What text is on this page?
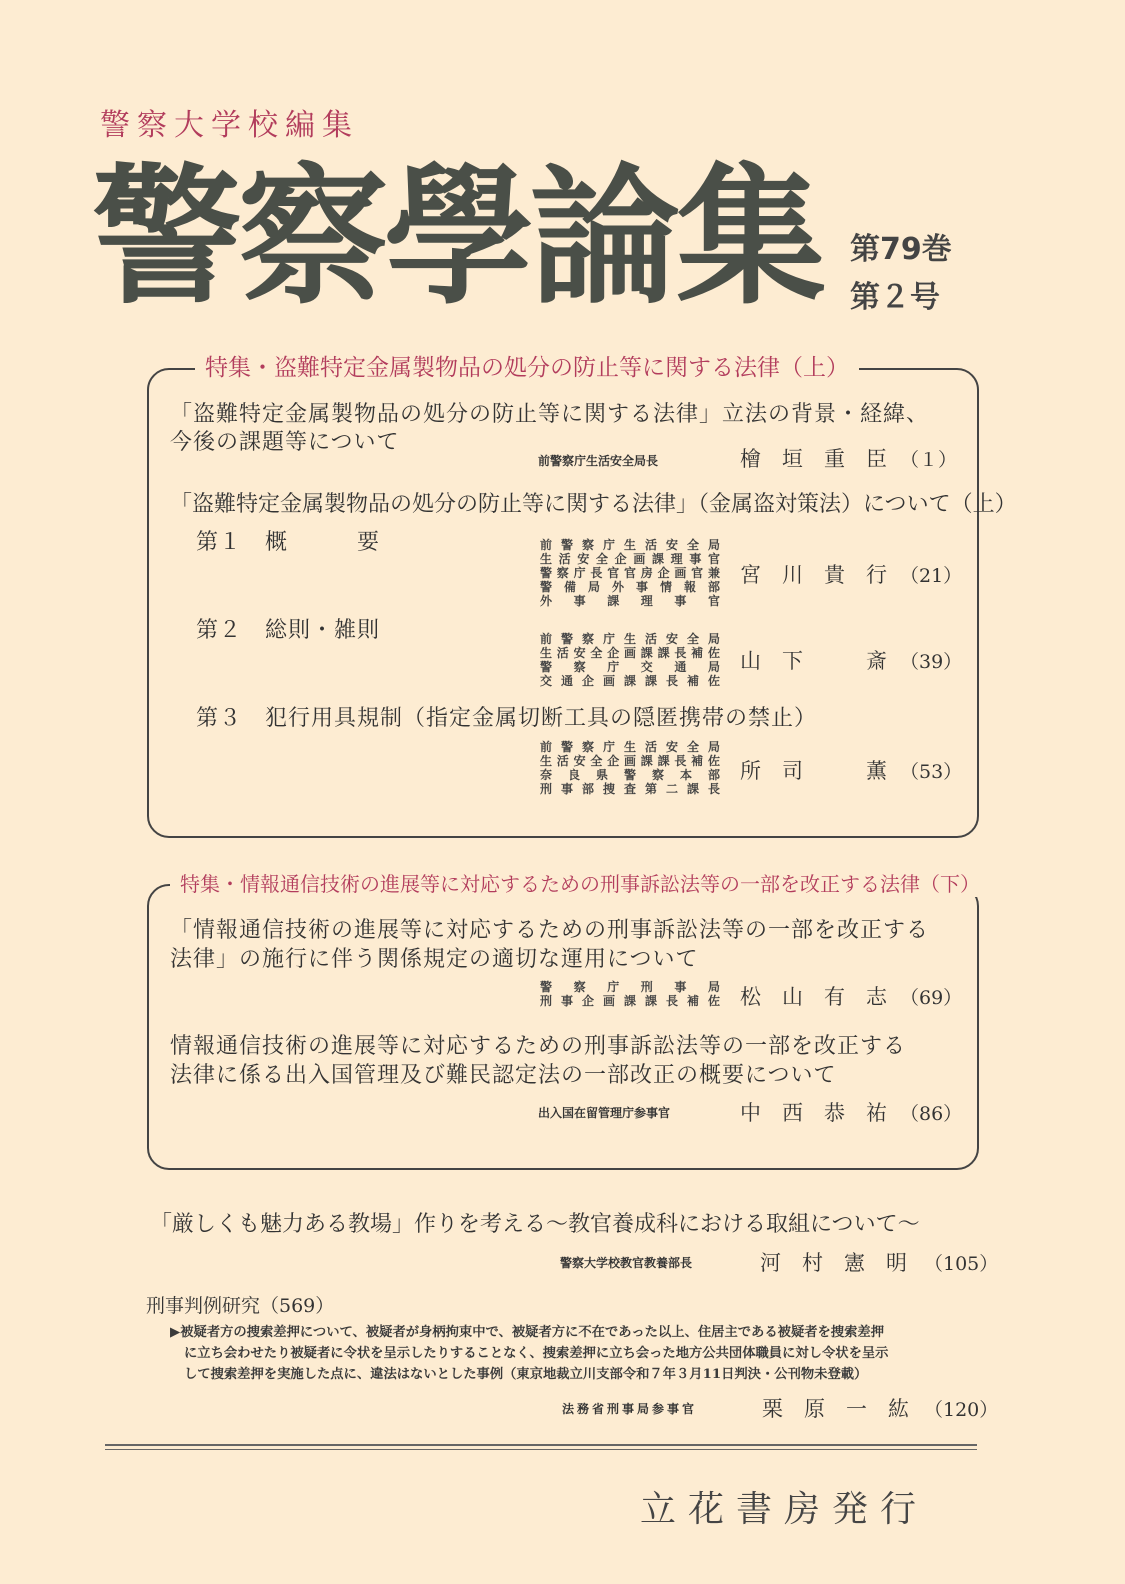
警察大学校編集
警察學論集 第79巻
第２号
特集・盗難特定金属製物品の処分の防止等に関する法律（上）
「盗難特定金属製物品の処分の防止等に関する法律」立法の背景・経緯、
今後の課題等について
前警察庁生活安全局長	檜　垣　重　臣 （１）
「盗難特定金属製物品の処分の防止等に関する法律」（金属盗対策法）について（上）
第１　概　　　要	前警察庁生活安全局
生活安全企画課理事官
警察庁長官官房企画官兼
警備局外事情報部
外事課理事官
宮　川　貴　行 （21）
第２　総則・雑則	前警察庁生活安全局
生活安全企画課課長補佐
警察庁交通局
交通企画課課長補佐
山　下　　　斎 （39）
第３　犯行用具規制（指定金属切断工具の隠匿携帯の禁止）
前警察庁生活安全局
生活安全企画課課長補佐
奈良県警察本部
刑事部捜査第二課長
所　司　　　薫 （53）
特集・情報通信技術の進展等に対応するための刑事訴訟法等の一部を改正する法律（下）
「情報通信技術の進展等に対応するための刑事訴訟法等の一部を改正する
法律」の施行に伴う関係規定の適切な運用について
警察庁刑事局
刑事企画課課長補佐 松　山　有　志 （69）
情報通信技術の進展等に対応するための刑事訴訟法等の一部を改正する
法律に係る出入国管理及び難民認定法の一部改正の概要について
出入国在留管理庁参事官	中　西　恭　祐 （86）
「厳しくも魅力ある教場」作りを考える～教官養成科における取組について～
警察大学校教官教養部長	河　村　憲　明 （105）
刑事判例研究（569）
▶被疑者方の捜索差押について、被疑者が身柄拘束中で、被疑者方に不在であった以上、住居主である被疑者を捜索差押
に立ち会わせたり被疑者に令状を呈示したりすることなく、捜索差押に立ち会った地方公共団体職員に対し令状を呈示
して捜索差押を実施した点に、違法はないとした事例（東京地裁立川支部令和７年３月11日判決・公刊物未登載）
法務省刑事局参事官	栗　原　一　紘 （120）
立花書房発行
